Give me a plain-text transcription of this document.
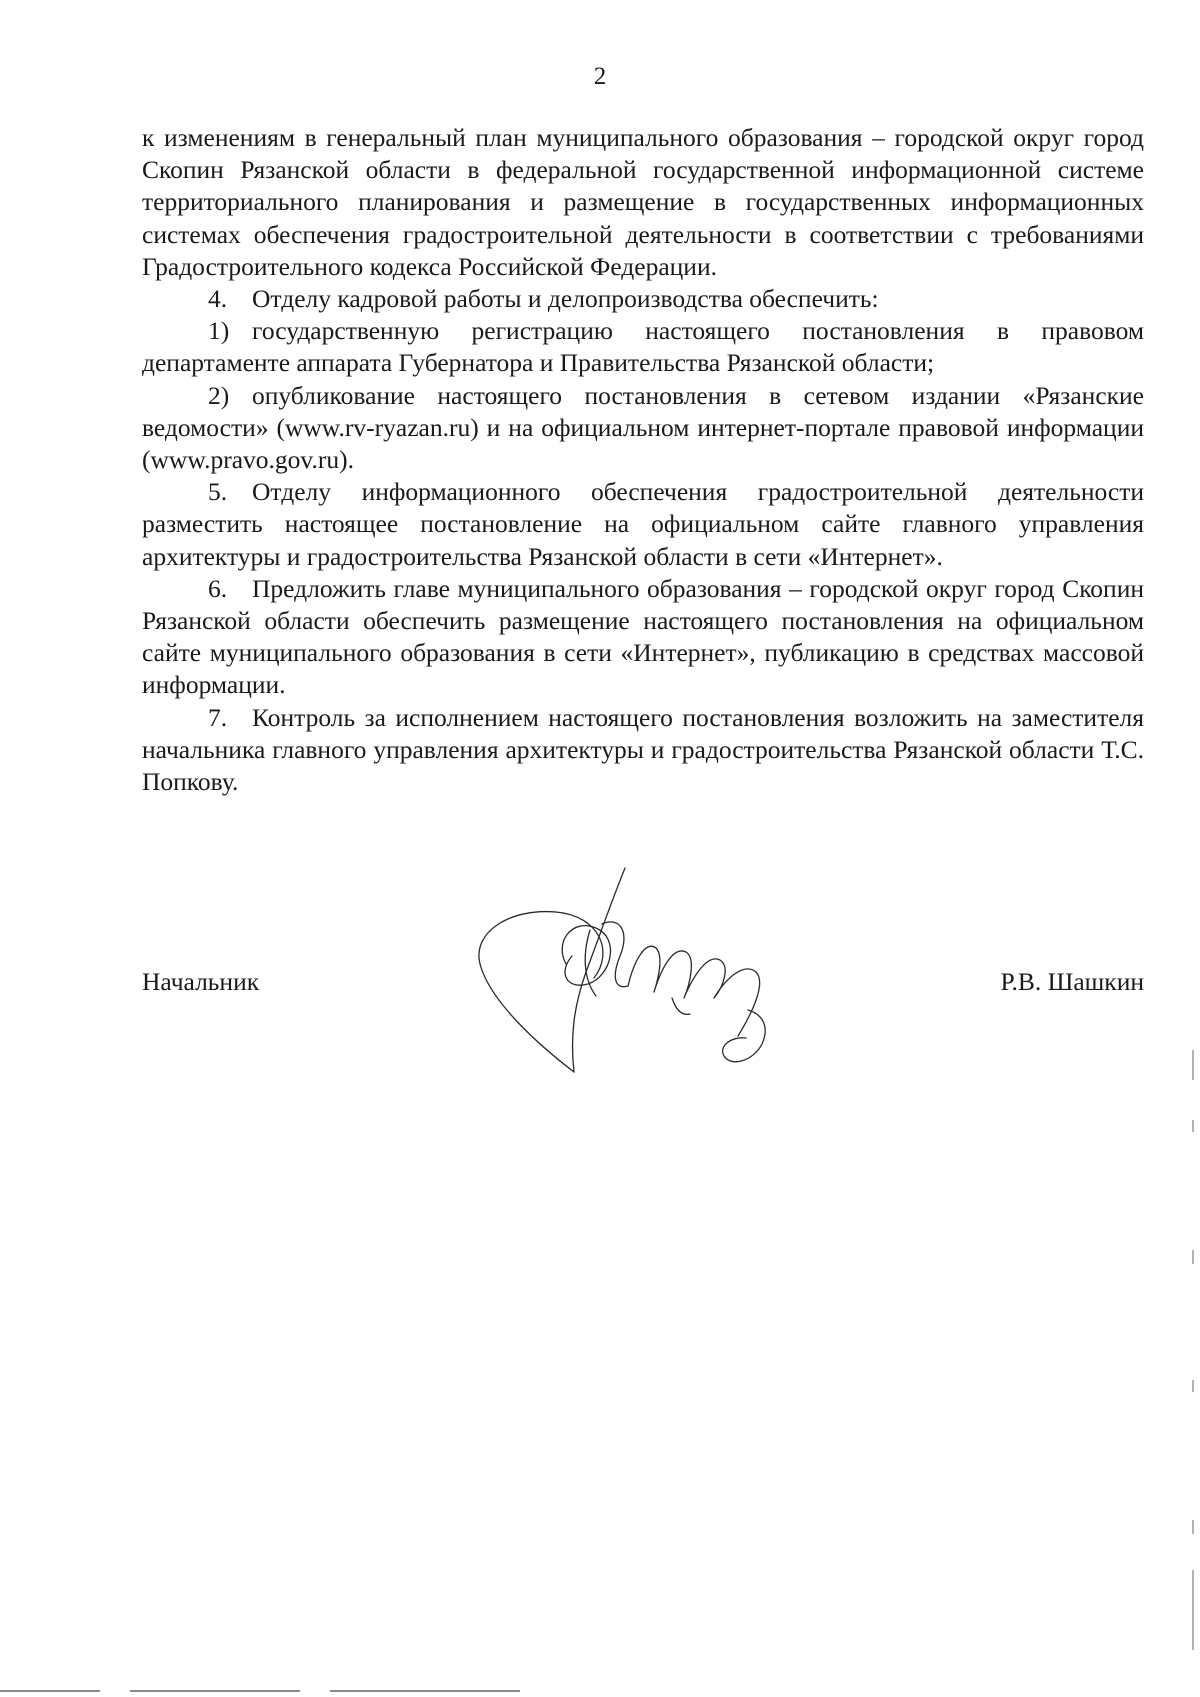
2

к изменениям в генеральный план муниципального образования – городской округ город Скопин Рязанской области в федеральной государственной информационной системе территориального планирования и размещение в государственных информационных системах обеспечения градостроительной деятельности в соответствии с требованиями Градостроительного кодекса Российской Федерации.

4. Отделу кадровой работы и делопроизводства обеспечить:

1) государственную регистрацию настоящего постановления в правовом департаменте аппарата Губернатора и Правительства Рязанской области;

2) опубликование настоящего постановления в сетевом издании «Рязанские ведомости» (www.rv-ryazan.ru) и на официальном интернет-портале правовой информации (www.pravo.gov.ru).

5. Отделу информационного обеспечения градостроительной деятельности разместить настоящее постановление на официальном сайте главного управления архитектуры и градостроительства Рязанской области в сети «Интернет».

6. Предложить главе муниципального образования – городской округ город Скопин Рязанской области обеспечить размещение настоящего постановления на официальном сайте муниципального образования в сети «Интернет», публикацию в средствах массовой информации.

7. Контроль за исполнением настоящего постановления возложить на заместителя начальника главного управления архитектуры и градостроительства Рязанской области Т.С. Попкову.

Начальник	Р.В. Шашкин
